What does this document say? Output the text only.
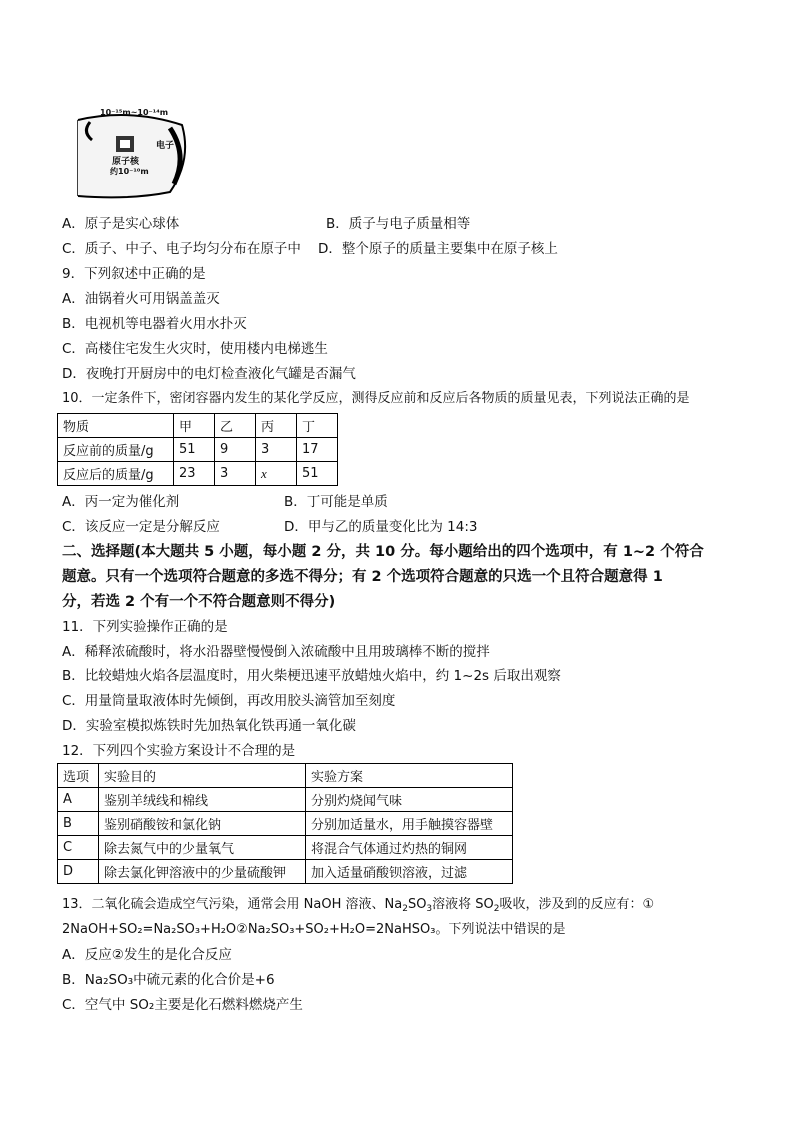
10⁻¹⁵m~10⁻¹⁴m
电子
原子核
约10⁻¹⁰m
A．原子是实心球体	B．质子与电子质量相等
C．质子、中子、电子均匀分布在原子中 D．整个原子的质量主要集中在原子核上
9．下列叙述中正确的是
A．油锅着火可用锅盖盖灭
B．电视机等电器着火用水扑灭
C．高楼住宅发生火灾时，使用楼内电梯逃生
D．夜晚打开厨房中的电灯检查液化气罐是否漏气
10．一定条件下，密闭容器内发生的某化学反应，测得反应前和反应后各物质的质量见表，下列说法正确的是
物质	甲	乙	丙	丁
反应前的质量/g	51	9	3	17
反应后的质量/g	23	3	x	51
A．丙一定为催化剂	B．丁可能是单质
C．该反应一定是分解反应	D．甲与乙的质量变化比为 14:3
二、选择题(本大题共 5 小题，每小题 2 分，共 10 分。每小题给出的四个选项中，有 1~2 个符合
题意。只有一个选项符合题意的多选不得分；有 2 个选项符合题意的只选一个且符合题意得 1
分，若选 2 个有一个不符合题意则不得分)
11．下列实验操作正确的是
A．稀释浓硫酸时，将水沿器壁慢慢倒入浓硫酸中且用玻璃棒不断的搅拌
B．比较蜡烛火焰各层温度时，用火柴梗迅速平放蜡烛火焰中，约 1~2s 后取出观察
C．用量筒量取液体时先倾倒，再改用胶头滴管加至刻度
D．实验室模拟炼铁时先加热氧化铁再通一氧化碳
12．下列四个实验方案设计不合理的是
选项	实验目的	实验方案
A	鉴别羊绒线和棉线	分别灼烧闻气味
B	鉴别硝酸铵和氯化钠	分别加适量水，用手触摸容器壁
C	除去氮气中的少量氧气	将混合气体通过灼热的铜网
D	除去氯化钾溶液中的少量硫酸钾	加入适量硝酸钡溶液，过滤
13．二氧化硫会造成空气污染，通常会用 NaOH 溶液、$Na_2SO_3$溶液将 $SO_2$吸收，涉及到的反应有：①
2NaOH+SO₂=Na₂SO₃+H₂O②Na₂SO₃+SO₂+H₂O=2NaHSO₃。下列说法中错误的是
A．反应②发生的是化合反应
B．Na₂SO₃中硫元素的化合价是+6
C．空气中 SO₂主要是化石燃料燃烧产生
